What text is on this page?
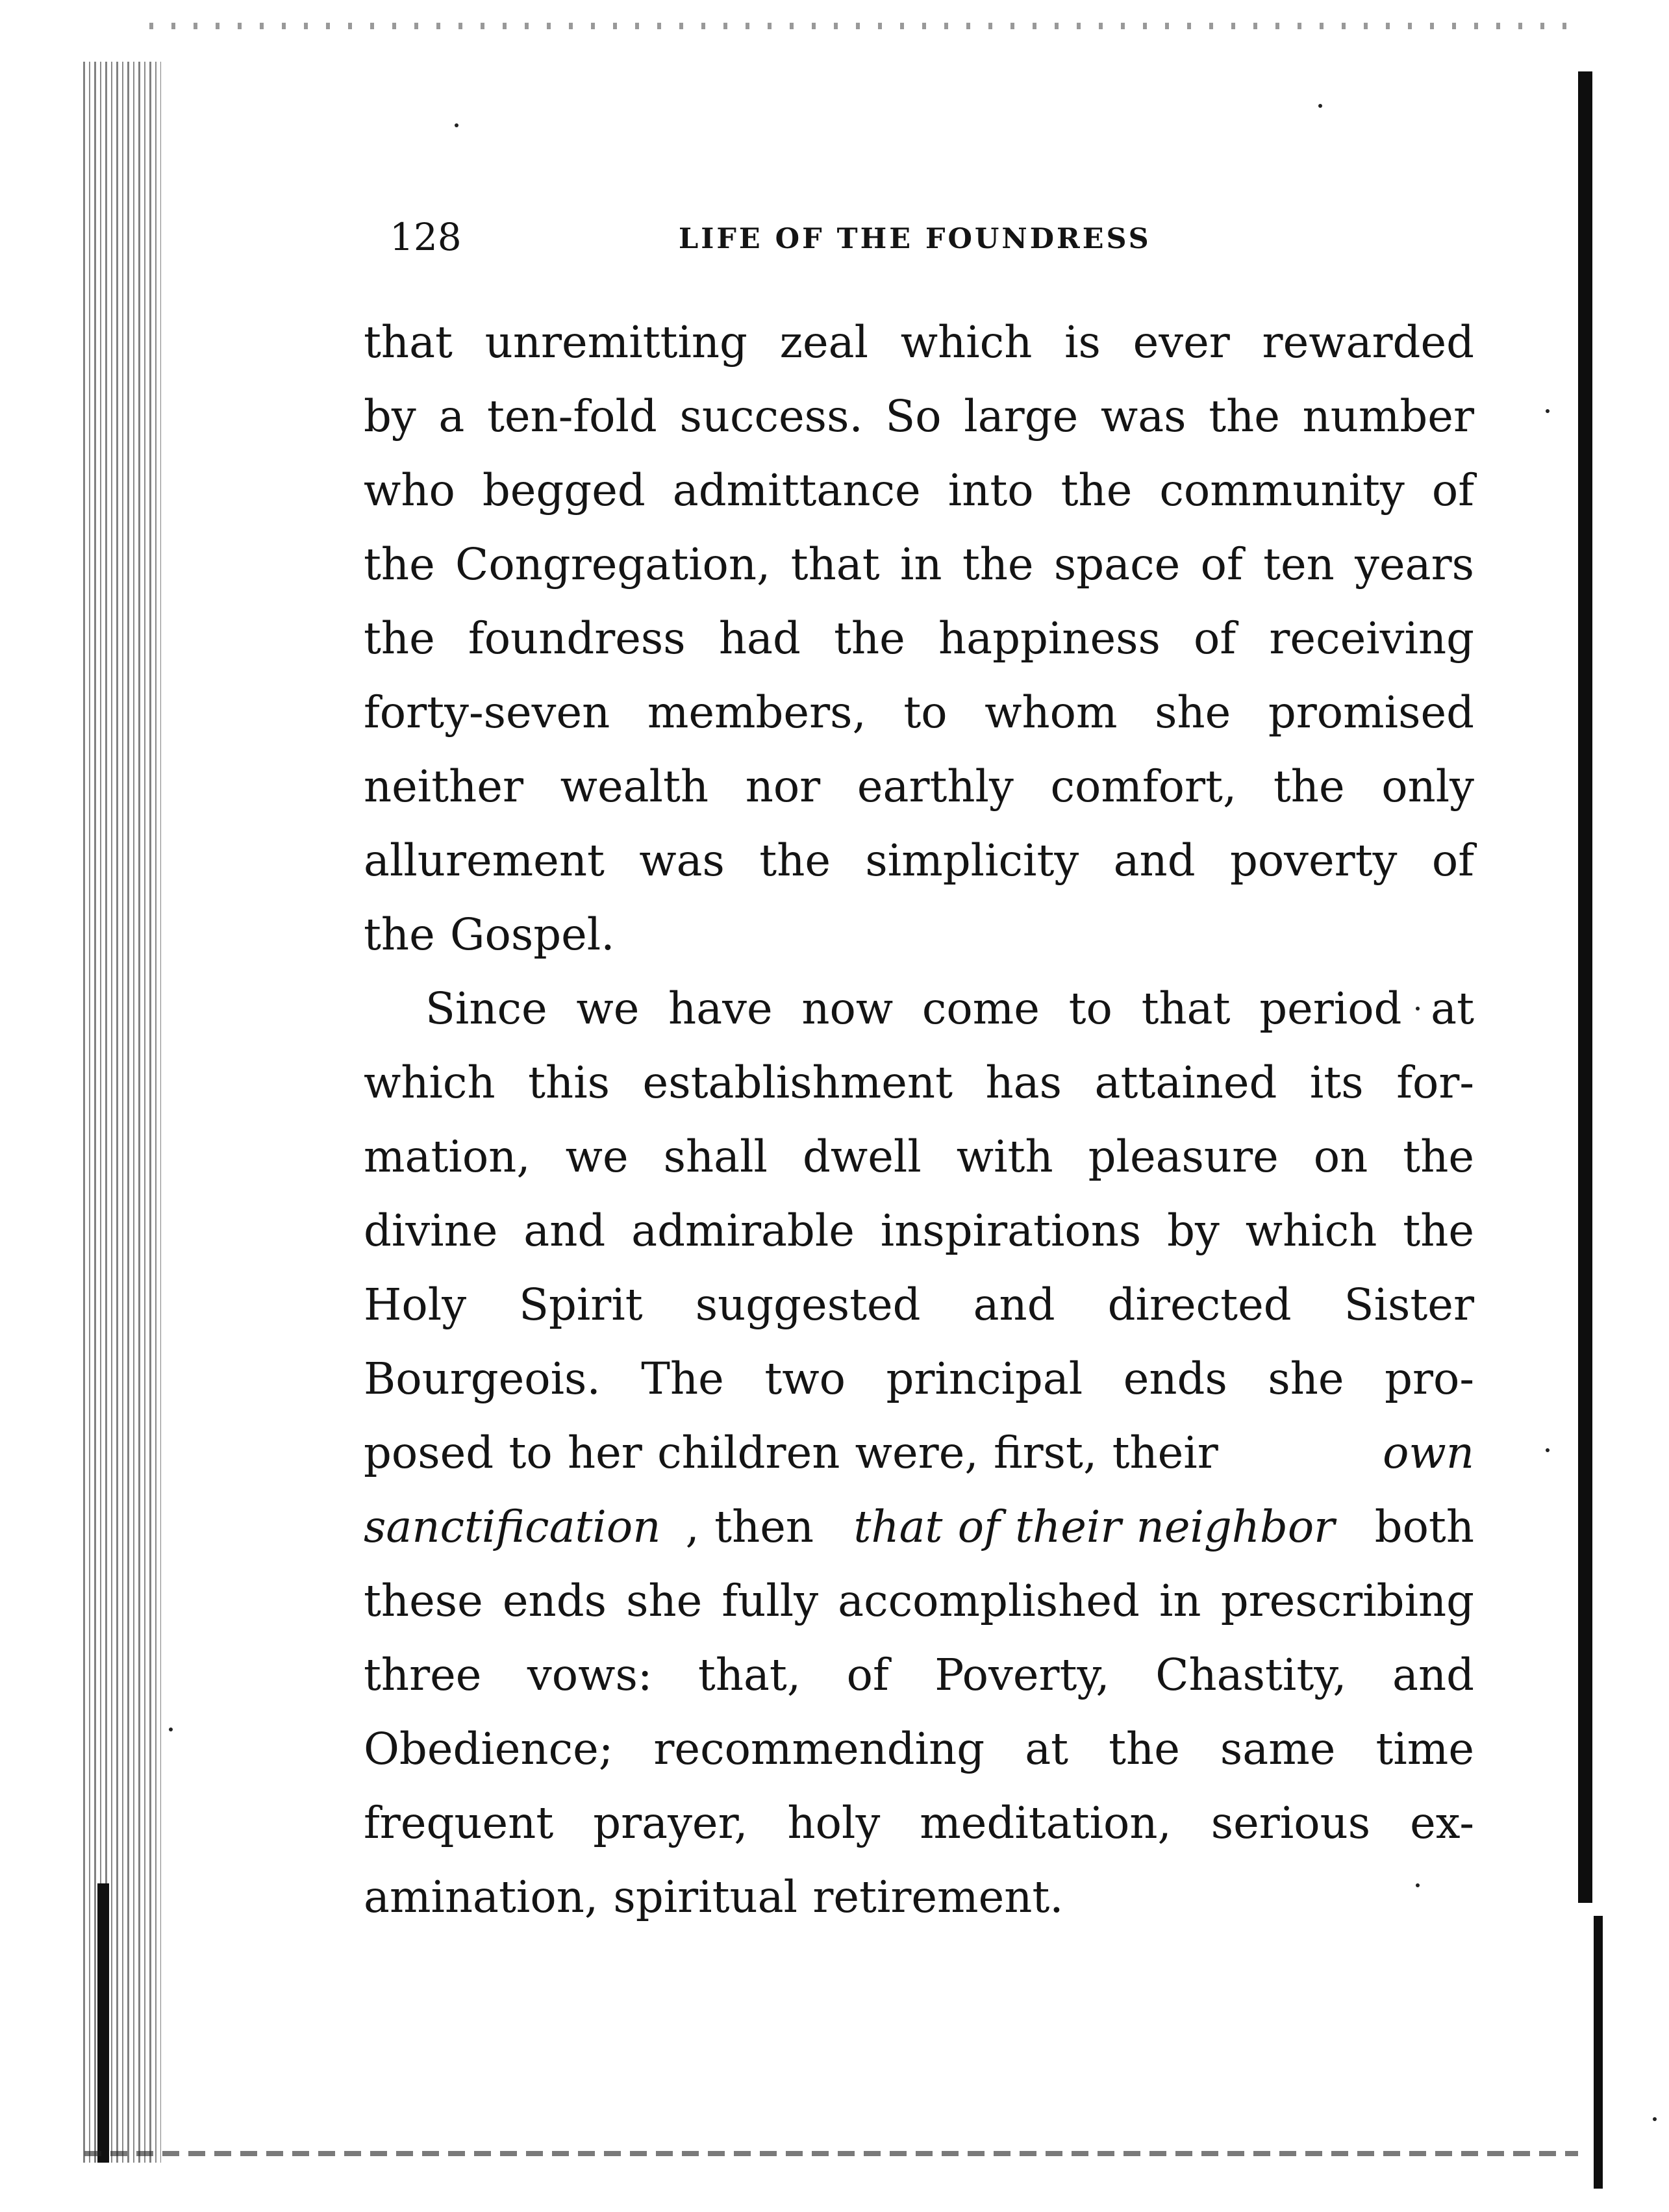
128	LIFE OF THE FOUNDRESS
that unremitting zeal which is ever rewarded
by a ten-fold success. So large was the number
who begged admittance into the community of
the Congregation, that in the space of ten years
the foundress had the happiness of receiving
forty-seven members, to whom she promised
neither wealth nor earthly comfort, the only
allurement was the simplicity and poverty of
the Gospel.
Since we have now come to that period at
which this establishment has attained its for-
mation, we shall dwell with pleasure on the
divine and admirable inspirations by which the
Holy Spirit suggested and directed Sister
Bourgeois. The two principal ends she pro-
posed to her children were, first, their	own
sanctification , then that of their neighbor both
these ends she fully accomplished in prescribing
three vows: that, of Poverty, Chastity, and
Obedience; recommending at the same time
frequent prayer, holy meditation, serious ex-
amination, spiritual retirement.
